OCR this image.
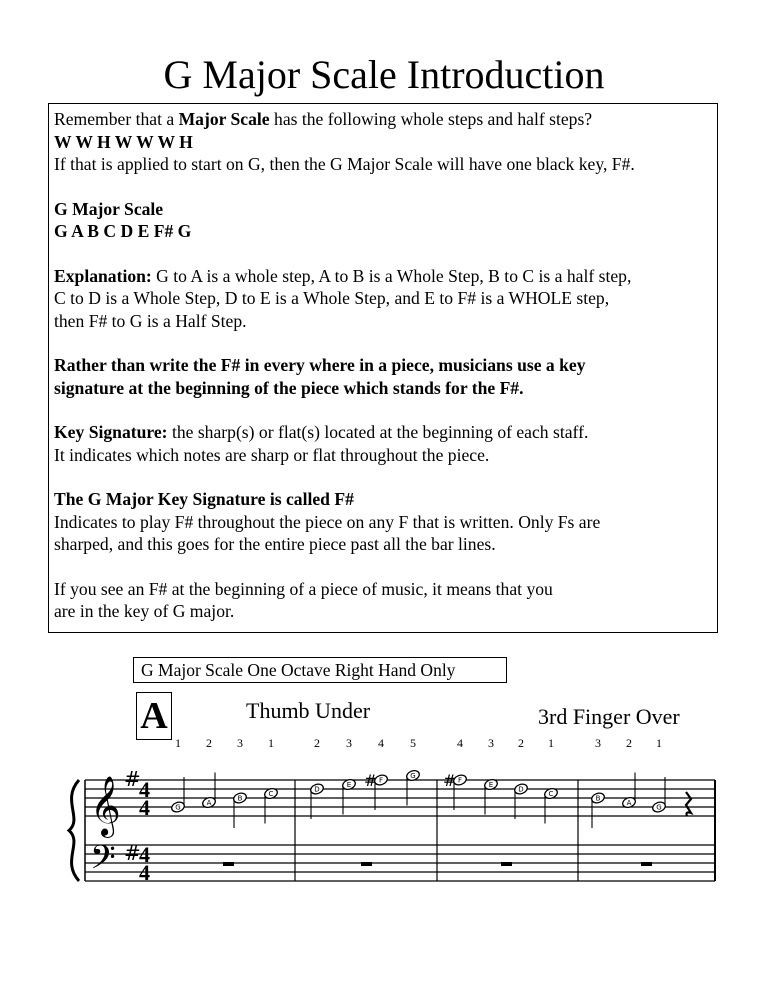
G Major Scale Introduction

Remember that a Major Scale has the following whole steps and half steps?

W W H W W W H

If that is applied to start on G, then the G Major Scale will have one black key, F#.

G Major Scale

G A B C D E F# G

Explanation: G to A is a whole step, A to B is a Whole Step, B to C is a half step,

C to D is a Whole Step, D to E is a Whole Step, and E to F# is a WHOLE step,

then F# to G is a Half Step.

Rather than write the F# in every where in a piece, musicians use a key

signature at the beginning of the piece which stands for the F#.

Key Signature: the sharp(s) or flat(s) located at the beginning of each staff.

It indicates which notes are sharp or flat throughout the piece.

The G Major Key Signature is called F#

Indicates to play F# throughout the piece on any F that is written. Only Fs are

sharped, and this goes for the entire piece past all the bar lines.

If you see an F# at the beginning of a piece of music, it means that you

are in the key of G major.

G Major Scale One Octave Right Hand Only
A	Thumb Under	3rd Finger Over
1 2 3 1	2 3 4 5	4 3 2 1	3 2 1
𝄞
𝄢
#
#
4
4
4
4
G
A
B
C
D
E
F
#	G
F
#	E
D
C
B
A
G
